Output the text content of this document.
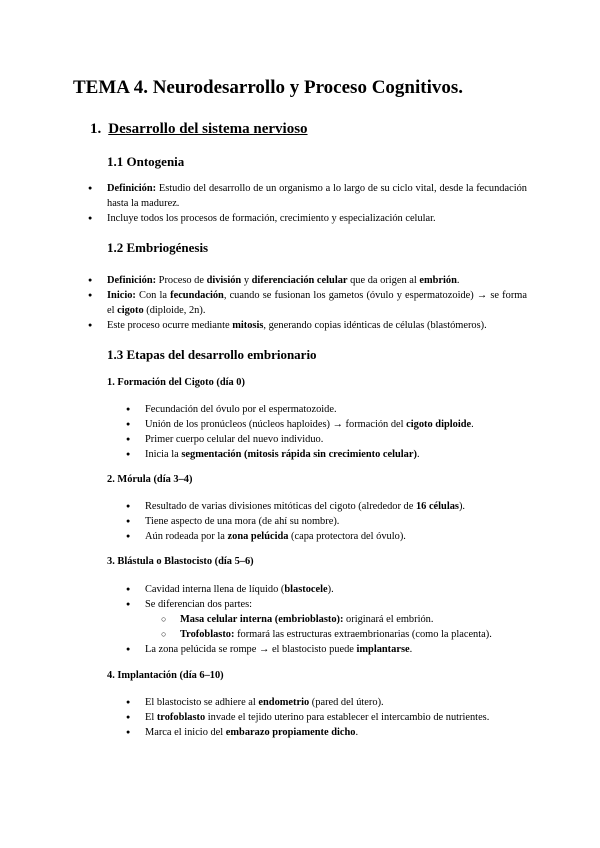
TEMA 4. Neurodesarrollo y Proceso Cognitivos.
1. Desarrollo del sistema nervioso
1.1 Ontogenia
● Definición: Estudio del desarrollo de un organismo a lo largo de su ciclo vital, desde la fecundación hasta la madurez.
● Incluye todos los procesos de formación, crecimiento y especialización celular.
1.2 Embriogénesis
● Definición: Proceso de división y diferenciación celular que da origen al embrión.
● Inicio: Con la fecundación, cuando se fusionan los gametos (óvulo y espermatozoide) → se forma el cigoto (diploide, 2n).
● Este proceso ocurre mediante mitosis, generando copias idénticas de células (blastómeros).
1.3 Etapas del desarrollo embrionario
1. Formación del Cigoto (día 0)
● Fecundación del óvulo por el espermatozoide.
● Unión de los pronúcleos (núcleos haploides) → formación del cigoto diploide.
● Primer cuerpo celular del nuevo individuo.
● Inicia la segmentación (mitosis rápida sin crecimiento celular).
2. Mórula (día 3–4)
● Resultado de varias divisiones mitóticas del cigoto (alrededor de 16 células).
● Tiene aspecto de una mora (de ahí su nombre).
● Aún rodeada por la zona pelúcida (capa protectora del óvulo).
3. Blástula o Blastocisto (día 5–6)
● Cavidad interna llena de líquido (blastocele).
● Se diferencian dos partes:
○ Masa celular interna (embrioblasto): originará el embrión.
○ Trofoblasto: formará las estructuras extraembrionarias (como la placenta).
● La zona pelúcida se rompe → el blastocisto puede implantarse.
4. Implantación (día 6–10)
● El blastocisto se adhiere al endometrio (pared del útero).
● El trofoblasto invade el tejido uterino para establecer el intercambio de nutrientes.
● Marca el inicio del embarazo propiamente dicho.
